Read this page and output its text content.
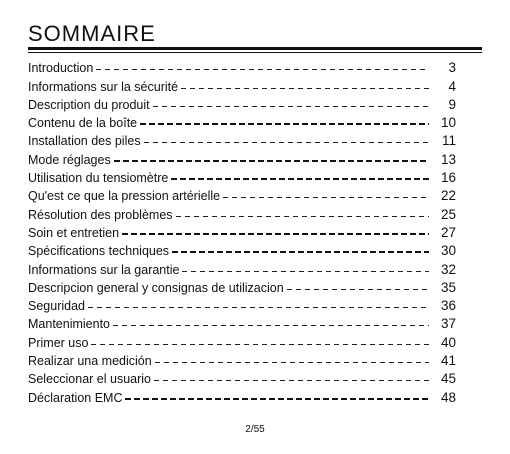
SOMMAIRE
Introduction	3
Informations sur la sécurité	4
Description du produit	9
Contenu de la boîte	10
Installation des piles	11
Mode réglages	13
Utilisation du tensiomètre	16
Qu'est ce que la pression artérielle	22
Résolution des problèmes	25
Soin et entretien	27
Spécifications techniques	30
Informations sur la garantie	32
Descripcion general y consignas de utilizacion	35
Seguridad	36
Mantenimiento	37
Primer uso	40
Realizar una medición	41
Seleccionar el usuario	45
Déclaration EMC	48
2/55
